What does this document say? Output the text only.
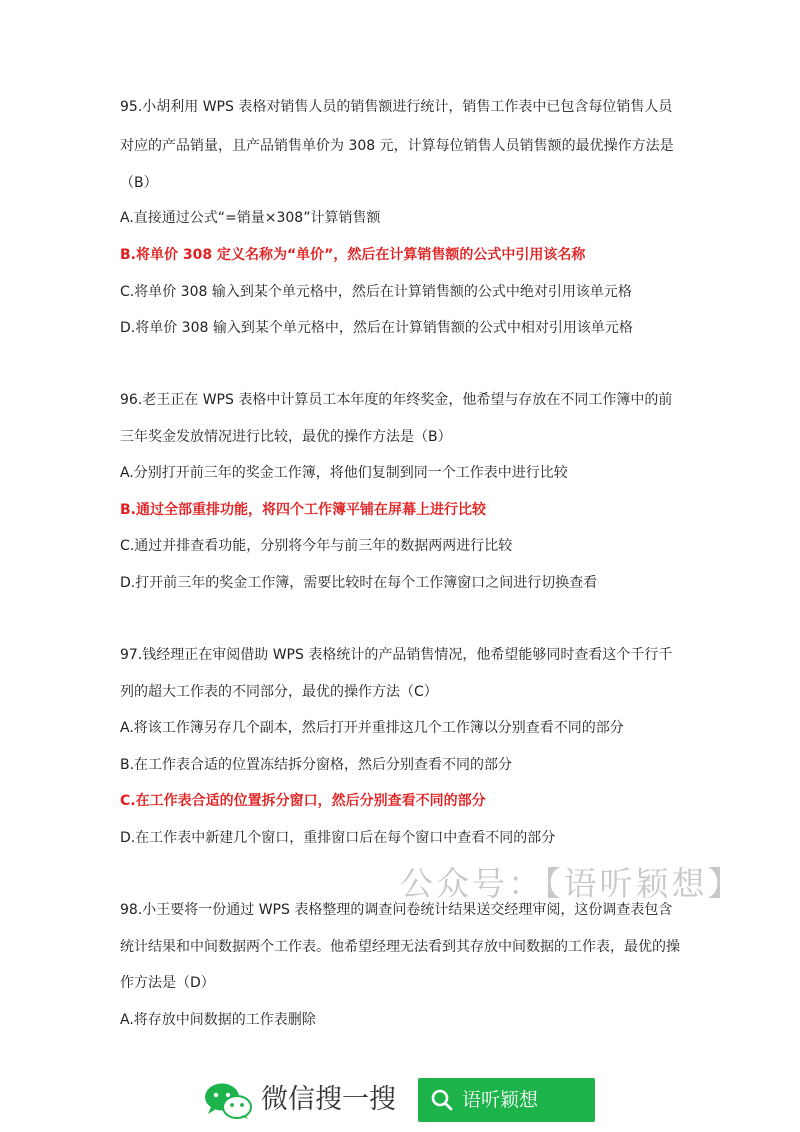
95.小胡利用 WPS 表格对销售人员的销售额进行统计，销售工作表中已包含每位销售人员
对应的产品销量，且产品销售单价为 308 元，计算每位销售人员销售额的最优操作方法是
（B）
A.直接通过公式“=销量×308”计算销售额
B.将单价 308 定义名称为“单价”，然后在计算销售额的公式中引用该名称
C.将单价 308 输入到某个单元格中，然后在计算销售额的公式中绝对引用该单元格
D.将单价 308 输入到某个单元格中，然后在计算销售额的公式中相对引用该单元格
96.老王正在 WPS 表格中计算员工本年度的年终奖金，他希望与存放在不同工作簿中的前
三年奖金发放情况进行比较，最优的操作方法是（B）
A.分别打开前三年的奖金工作簿，将他们复制到同一个工作表中进行比较
B.通过全部重排功能，将四个工作簿平铺在屏幕上进行比较
C.通过并排查看功能，分别将今年与前三年的数据两两进行比较
D.打开前三年的奖金工作簿，需要比较时在每个工作簿窗口之间进行切换查看
97.钱经理正在审阅借助 WPS 表格统计的产品销售情况，他希望能够同时查看这个千行千
列的超大工作表的不同部分，最优的操作方法（C）
A.将该工作簿另存几个副本，然后打开并重排这几个工作簿以分别查看不同的部分
B.在工作表合适的位置冻结拆分窗格，然后分别查看不同的部分
C.在工作表合适的位置拆分窗口，然后分别查看不同的部分
D.在工作表中新建几个窗口，重排窗口后在每个窗口中查看不同的部分
公众号：【语听颖想】
98.小王要将一份通过 WPS 表格整理的调查问卷统计结果送交经理审阅，这份调查表包含
统计结果和中间数据两个工作表。他希望经理无法看到其存放中间数据的工作表，最优的操
作方法是（D）
A.将存放中间数据的工作表删除
微信搜一搜	语听颖想
